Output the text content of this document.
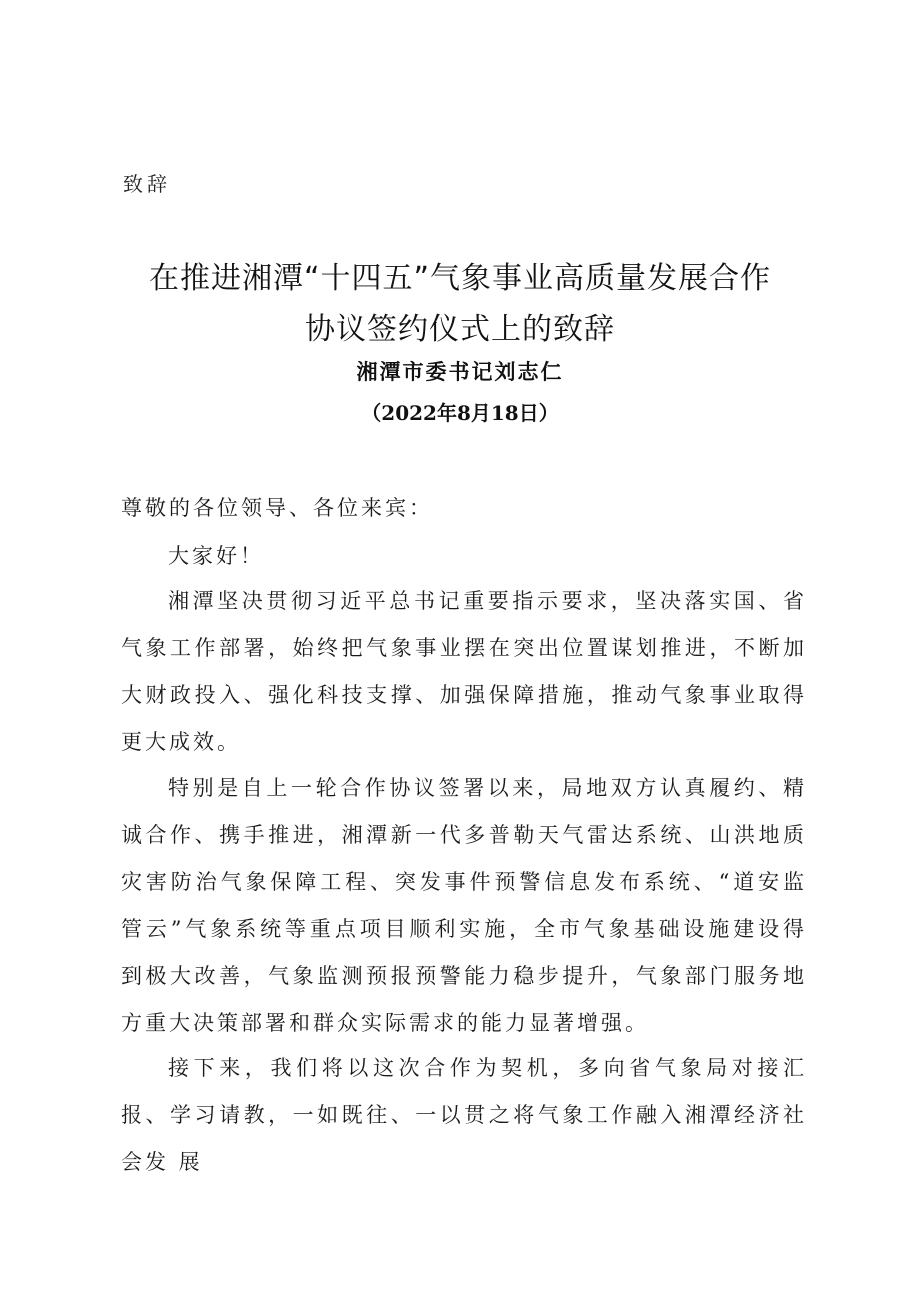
致辞
在推进湘潭“十四五”气象事业高质量发展合作
协议签约仪式上的致辞
湘潭市委书记刘志仁
（2022年8月18日）

尊敬的各位领导、各位来宾：

大家好！

湘潭坚决贯彻习近平总书记重要指示要求，坚决落实国、省 气象工作部署，始终把气象事业摆在突出位置谋划推进，不断加 大财政投入、强化科技支撑、加强保障措施，推动气象事业取得 更大成效。

特别是自上一轮合作协议签署以来，局地双方认真履约、精 诚合作、携手推进，湘潭新一代多普勒天气雷达系统、山洪地质 灾害防治气象保障工程、突发事件预警信息发布系统、“道安监 管云”气象系统等重点项目顺利实施，全市气象基础设施建设得 到极大改善，气象监测预报预警能力稳步提升，气象部门服务地 方重大决策部署和群众实际需求的能力显著增强。

接下来，我们将以这次合作为契机，多向省气象局对接汇报、学习请教，一如既往、一以贯之将气象工作融入湘潭经济社会发 展
